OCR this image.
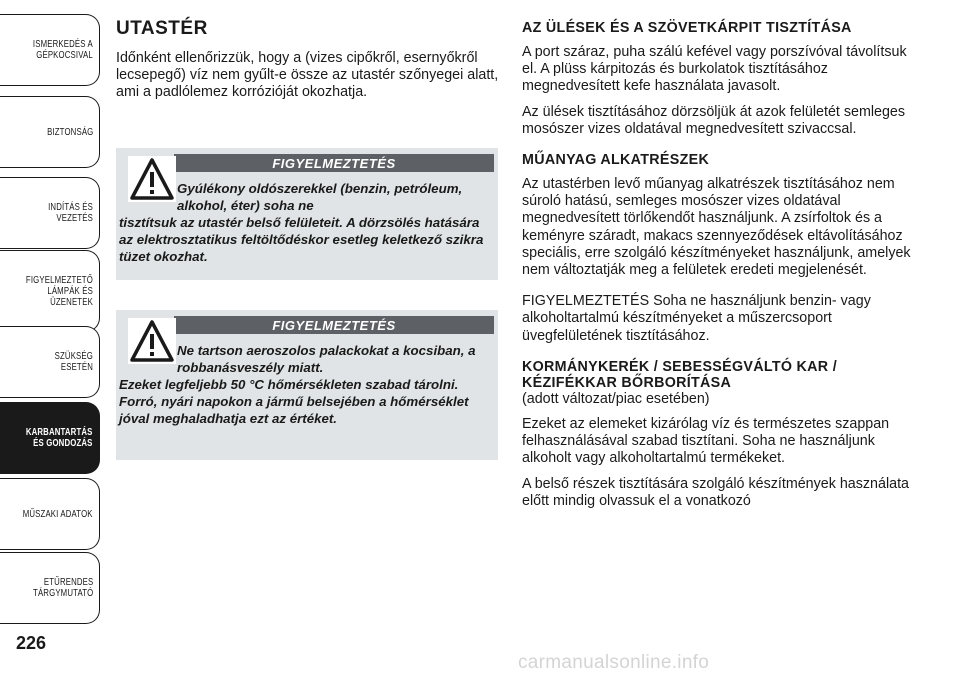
ISMERKEDÉS A
GÉPKOCSIVAL
BIZTONSÁG
INDÍTÁS ÉS VEZETÉS
FIGYELMEZTETŐ
LÁMPÁK ÉS
ÜZENETEK
SZÜKSÉG ESETÉN
KARBANTARTÁS
ÉS GONDOZÁS
MŰSZAKI ADATOK
ETŰRENDES
TÁRGYMUTATÓ
226
UTASTÉR

Időnként ellenőrizzük, hogy a (vizes cipőkről, esernyőkről lecsepegő) víz nem gyűlt-e össze az utastér szőnyegei alatt, ami a padlólemez korrózióját okozhatja.

FIGYELMEZTETÉS
Gyúlékony oldószerekkel (benzin, petróleum, alkohol, éter) soha ne
tisztítsuk az utastér belső felületeit. A dörzsölés hatására az elektrosztatikus feltöltődéskor esetleg keletkező szikra tüzet okozhat.
FIGYELMEZTETÉS
Ne tartson aeroszolos palackokat a kocsiban, a robbanásveszély miatt.
Ezeket legfeljebb 50 °C hőmérsékleten szabad tárolni. Forró, nyári napokon a jármű belsejében a hőmérséklet jóval meghaladhatja ezt az értéket.
AZ ÜLÉSEK ÉS A SZÖVETKÁRPIT TISZTÍTÁSA

A port száraz, puha szálú kefével vagy porszívóval távolítsuk el. A plüss kárpitozás és burkolatok tisztításához megnedvesített kefe használata javasolt.

Az ülések tisztításához dörzsöljük át azok felületét semleges mosószer vizes oldatával megnedvesített szivaccsal.

MŰANYAG ALKATRÉSZEK

Az utastérben levő műanyag alkatrészek tisztításához nem súroló hatású, semleges mosószer vizes oldatával megnedvesített törlőkendőt használjunk. A zsírfoltok és a keményre száradt, makacs szennyeződések eltávolításához speciális, erre szolgáló készítményeket használjunk, amelyek nem változtatják meg a felületek eredeti megjelenését.

FIGYELMEZTETÉS Soha ne használjunk benzin- vagy alkoholtartalmú készítményeket a műszercsoport üvegfelületének tisztításához.

KORMÁNYKERÉK / SEBESSÉGVÁLTÓ KAR / KÉZIFÉKKAR BŐRBORÍTÁSA

(adott változat/piac esetében)

Ezeket az elemeket kizárólag víz és természetes szappan felhasználásával szabad tisztítani. Soha ne használjunk alkoholt vagy alkoholtartalmú termékeket.

A belső részek tisztítására szolgáló készítmények használata előtt mindig olvassuk el a vonatkozó

carmanualsonline.info
